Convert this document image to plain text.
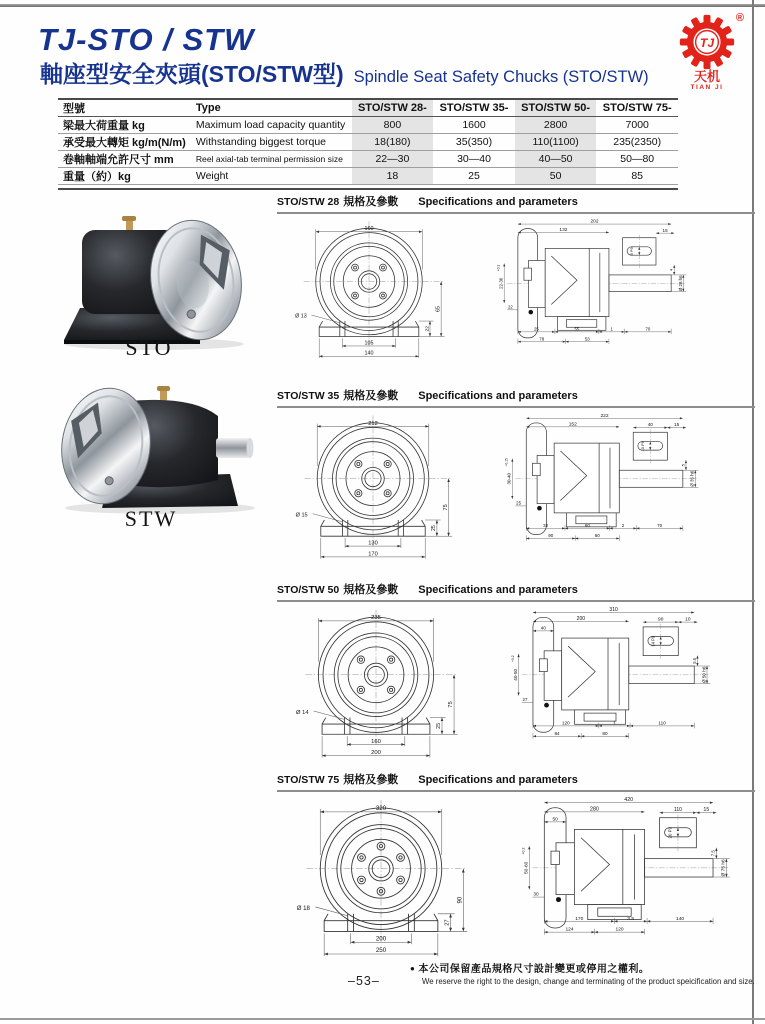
TJ-STO / STW
軸座型安全夾頭(STO/STW型) Spindle Seat Safety Chucks (STO/STW)
®
TJ
天机
TIAN JI
型號	Type	STO/STW 28-	STO/STW 35-	STO/STW 50-	STO/STW 75-
梁最大荷重量 kg	Maximum load capacity quantity	800	1600	2800	7000
承受最大轉矩 kg/m(N/m)	Withstanding biggest torque	18(180)	35(350)	110(1100)	235(2350)
卷軸軸端允許尺寸 mm	Reel axial-tab terminal permission size	22—30	30—40	40—50	50—80
重量（約）kg	Weight	18	25	50	85
STO
STW
STO/STW 28 規格及參數 Specifications and parameters
160
65
22
105
140
Ø 13
202
132	15
8 P9
4
Ø 28 h6
22-30
+0.1
22
25	55	1	70
78	53
STO/STW 35 規格及參數 Specifications and parameters
212
75
25
130
170
Ø 15
222
152	40	15
10 P9
5
Ø 35 h6
30-40
+0.15
25
32	60	2	70
90	60
STO/STW 50 規格及參數 Specifications and parameters
235
75
25
160
200
Ø 14
310
200
40
90	10
14 P9
5.5
Ø 50 h6
40-50
+0.2
27
120	1	110
84	80
STO/STW 75 規格及參數 Specifications and parameters
320
90
27
200
250
Ø 18
420
280
50
110	15
20 P9
7.5
Ø 75 h6
50-60
+0.2
30
170	3.5	140
124	120
–53–
● 本公司保留產品規格尺寸設計變更或停用之權利。
We reserve the right to the design, change and terminating of the product speicification and size.
